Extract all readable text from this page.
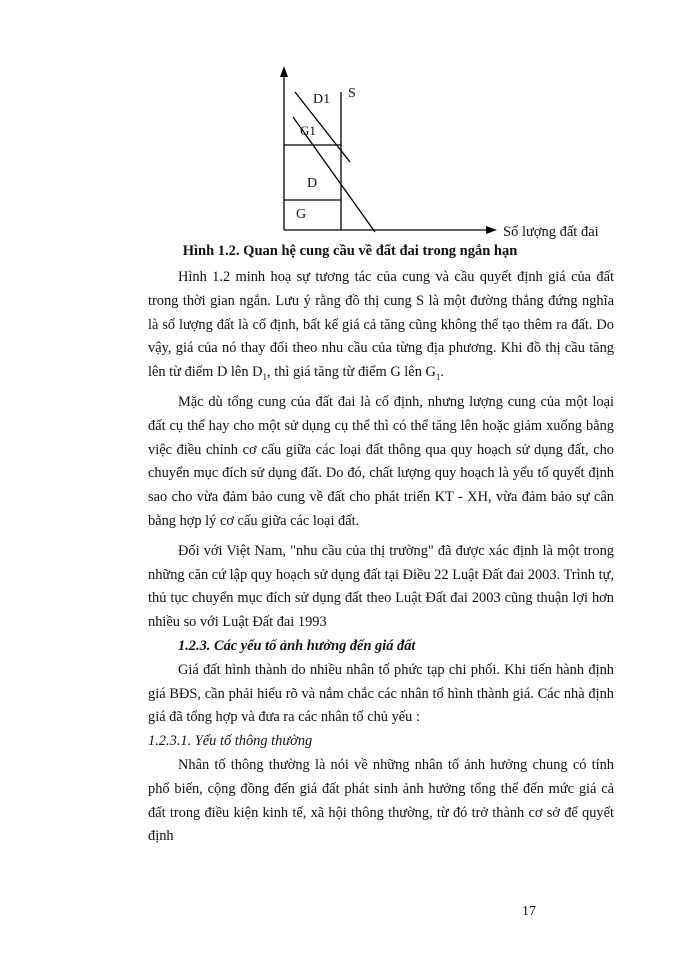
D1 S
G1
D
G
Số lượng đất đai
Hình 1.2. Quan hệ cung cầu về đất đai trong ngắn hạn

Hình 1.2 minh hoạ sự tương tác của cung và cầu quyết định giá của đất trong thời gian ngắn. Lưu ý rằng đồ thị cung S là một đường thẳng đứng nghĩa là số lượng đất là cố định, bất kể giá cả tăng cũng không thể tạo thêm ra đất. Do vậy, giá của nó thay đổi theo nhu cầu của từng địa phương. Khi đồ thị cầu tăng lên từ điểm D lên $D_1$, thì giá tăng từ điểm G lên $G_1$.

Mặc dù tổng cung của đất đai là cố định, nhưng lượng cung của một loại đất cụ thể hay cho một sử dụng cụ thể thì có thể tăng lên hoặc giảm xuống bằng việc điều chỉnh cơ cấu giữa các loại đất thông qua quy hoạch sử dụng đất, cho chuyển mục đích sử dụng đất. Do đó, chất lượng quy hoạch là yếu tố quyết định sao cho vừa đảm bảo cung về đất cho phát triển KT - XH, vừa đảm bảo sự cân bằng hợp lý cơ cấu giữa các loại đất.

Đối với Việt Nam, "nhu cầu của thị trường" đã được xác định là một trong những căn cứ lập quy hoạch sử dụng đất tại Điều 22 Luật Đất đai 2003. Trình tự, thủ tục chuyển mục đích sử dụng đất theo Luật Đất đai 2003 cũng thuận lợi hơn nhiều so với Luật Đất đai 1993

1.2.3. Các yếu tố ảnh hưởng đến giá đất

Giá đất hình thành do nhiều nhân tố phức tạp chi phối. Khi tiến hành định giá BĐS, cần phải hiểu rõ và nắm chắc các nhân tố hình thành giá. Các nhà định giá đã tổng hợp và đưa ra các nhân tố chủ yếu :

1.2.3.1. Yếu tố thông thường

Nhân tố thông thường là nói về những nhân tố ảnh hưởng chung có tính phổ biến, cộng đồng đến giá đất phát sinh ảnh hưởng tổng thể đến mức giá cả đất trong điều kiện kinh tế, xã hội thông thường, từ đó trở thành cơ sở để quyết định

17
